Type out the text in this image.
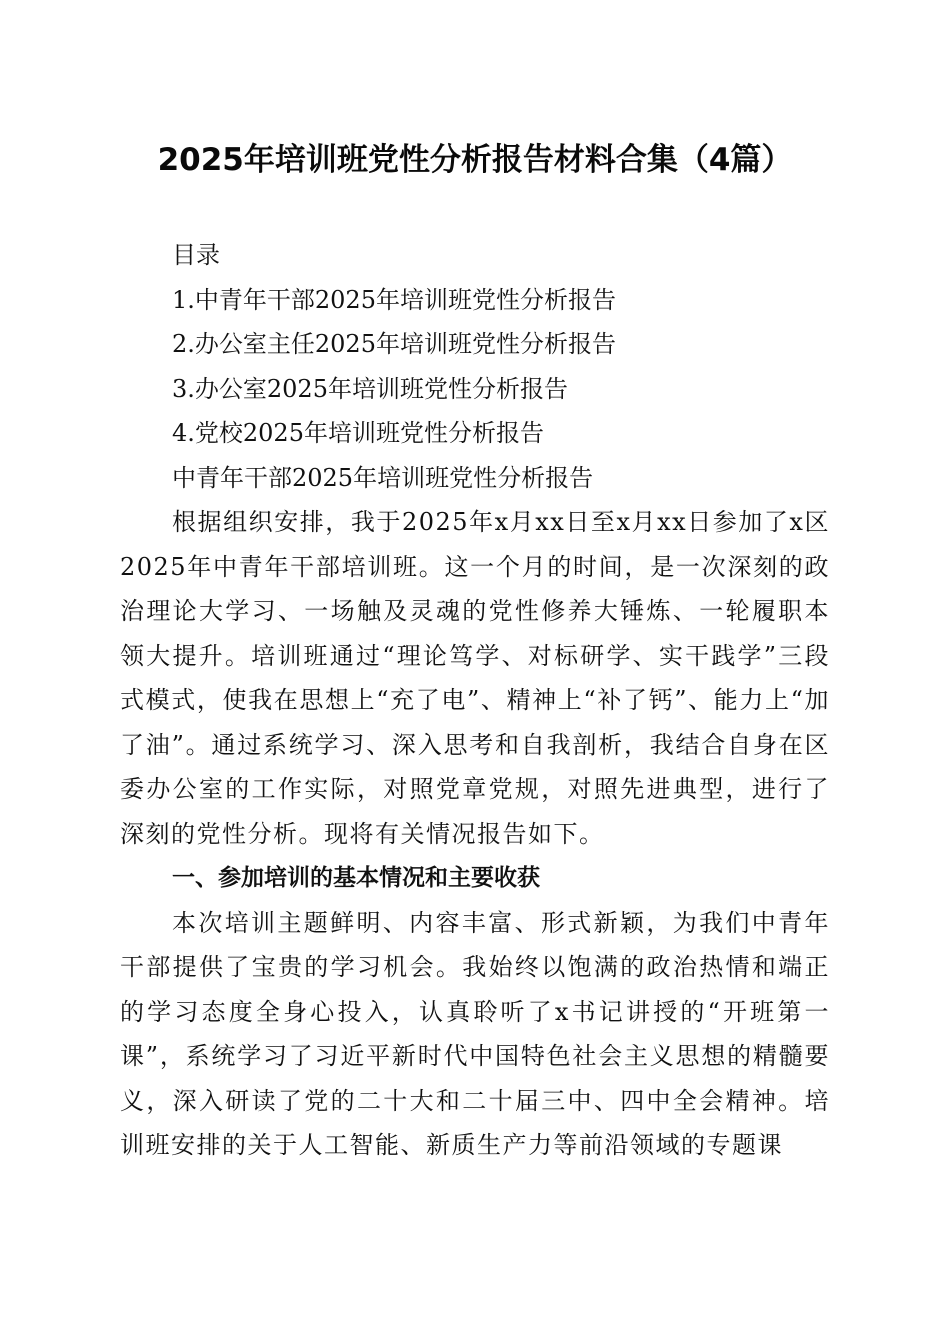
2025年培训班党性分析报告材料合集（4篇）

目录

1.中青年干部2025年培训班党性分析报告

2.办公室主任2025年培训班党性分析报告

3.办公室2025年培训班党性分析报告

4.党校2025年培训班党性分析报告

中青年干部2025年培训班党性分析报告

根据组织安排，我于2025年x月xx日至x月xx日参加了x区2025年中青年干部培训班。这一个月的时间，是一次深刻的政治理论大学习、一场触及灵魂的党性修养大锤炼、一轮履职本领大提升。培训班通过“理论笃学、对标研学、实干践学”三段式模式，使我在思想上“充了电”、精神上“补了钙”、能力上“加了油”。通过系统学习、深入思考和自我剖析，我结合自身在区委办公室的工作实际，对照党章党规，对照先进典型，进行了深刻的党性分析。现将有关情况报告如下。

一、参加培训的基本情况和主要收获

本次培训主题鲜明、内容丰富、形式新颖，为我们中青年干部提供了宝贵的学习机会。我始终以饱满的政治热情和端正的学习态度全身心投入，认真聆听了x书记讲授的“开班第一课”，系统学习了习近平新时代中国特色社会主义思想的精髓要义，深入研读了党的二十大和二十届三中、四中全会精神。培训班安排的关于人工智能、新质生产力等前沿领域的专题课
